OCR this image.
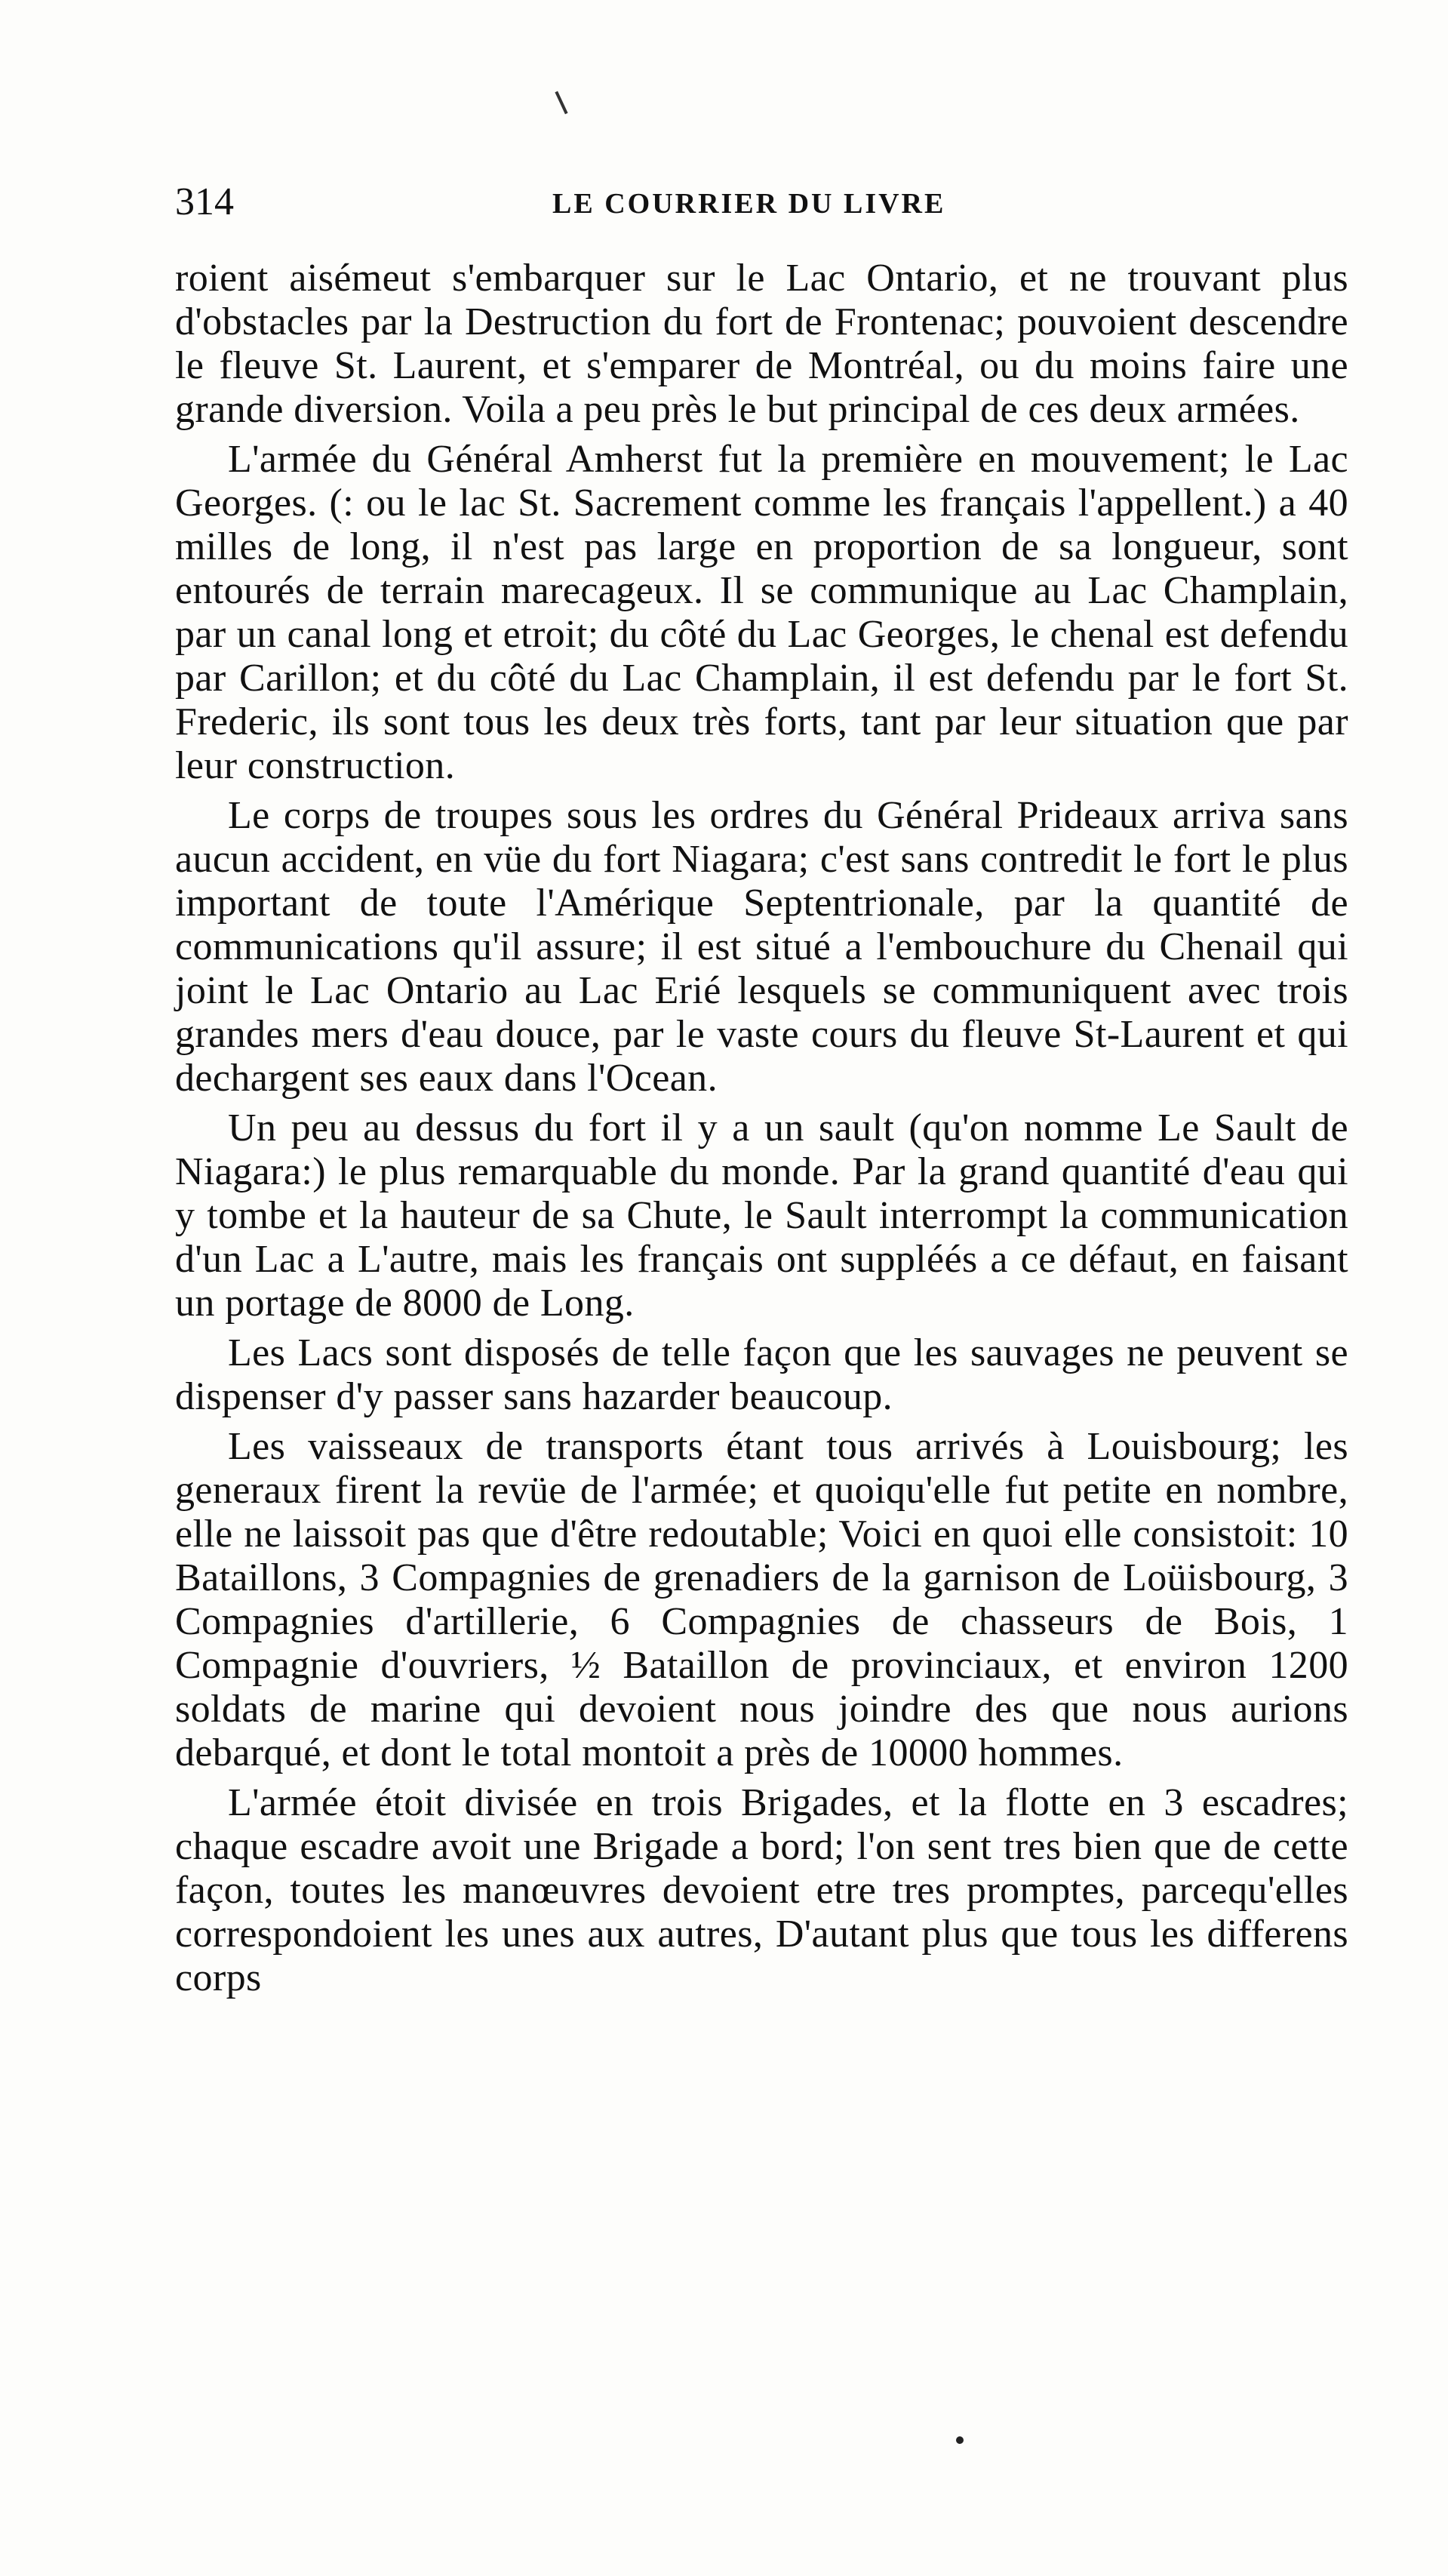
314	LE COURRIER DU LIVRE

roient aisémeut s'embarquer sur le Lac Ontario, et ne trouvant plus d'obstacles par la Destruction du fort de Frontenac; pouvoient descendre le fleuve St. Laurent, et s'emparer de Montréal, ou du moins faire une grande diversion. Voila a peu près le but principal de ces deux armées.

L'armée du Général Amherst fut la première en mouvement; le Lac Georges. (: ou le lac St. Sacrement comme les français l'appellent.) a 40 milles de long, il n'est pas large en proportion de sa longueur, sont entourés de terrain marecageux. Il se communique au Lac Champlain, par un canal long et etroit; du côté du Lac Georges, le chenal est defendu par Carillon; et du côté du Lac Champlain, il est defendu par le fort St. Frederic, ils sont tous les deux très forts, tant par leur situation que par leur construction.

Le corps de troupes sous les ordres du Général Prideaux arriva sans aucun accident, en vüe du fort Niagara; c'est sans contredit le fort le plus important de toute l'Amérique Septentrionale, par la quantité de communications qu'il assure; il est situé a l'embouchure du Chenail qui joint le Lac Ontario au Lac Erié lesquels se communiquent avec trois grandes mers d'eau douce, par le vaste cours du fleuve St-Laurent et qui dechargent ses eaux dans l'Ocean.

Un peu au dessus du fort il y a un sault (qu'on nomme Le Sault de Niagara:) le plus remarquable du monde. Par la grand quantité d'eau qui y tombe et la hauteur de sa Chute, le Sault interrompt la communication d'un Lac a L'autre, mais les français ont suppléés a ce défaut, en faisant un portage de 8000 de Long.

Les Lacs sont disposés de telle façon que les sauvages ne peuvent se dispenser d'y passer sans hazarder beaucoup.

Les vaisseaux de transports étant tous arrivés à Louisbourg; les generaux firent la revüe de l'armée; et quoiqu'elle fut petite en nombre, elle ne laissoit pas que d'être redoutable; Voici en quoi elle consistoit: 10 Bataillons, 3 Compagnies de grenadiers de la garnison de Loüisbourg, 3 Compagnies d'artillerie, 6 Compagnies de chasseurs de Bois, 1 Compagnie d'ouvriers, ½ Bataillon de provinciaux, et environ 1200 soldats de marine qui devoient nous joindre des que nous aurions debarqué, et dont le total montoit a près de 10000 hommes.

L'armée étoit divisée en trois Brigades, et la flotte en 3 escadres; chaque escadre avoit une Brigade a bord; l'on sent tres bien que de cette façon, toutes les manœuvres devoient etre tres promptes, parcequ'elles correspondoient les unes aux autres, D'autant plus que tous les differens corps
